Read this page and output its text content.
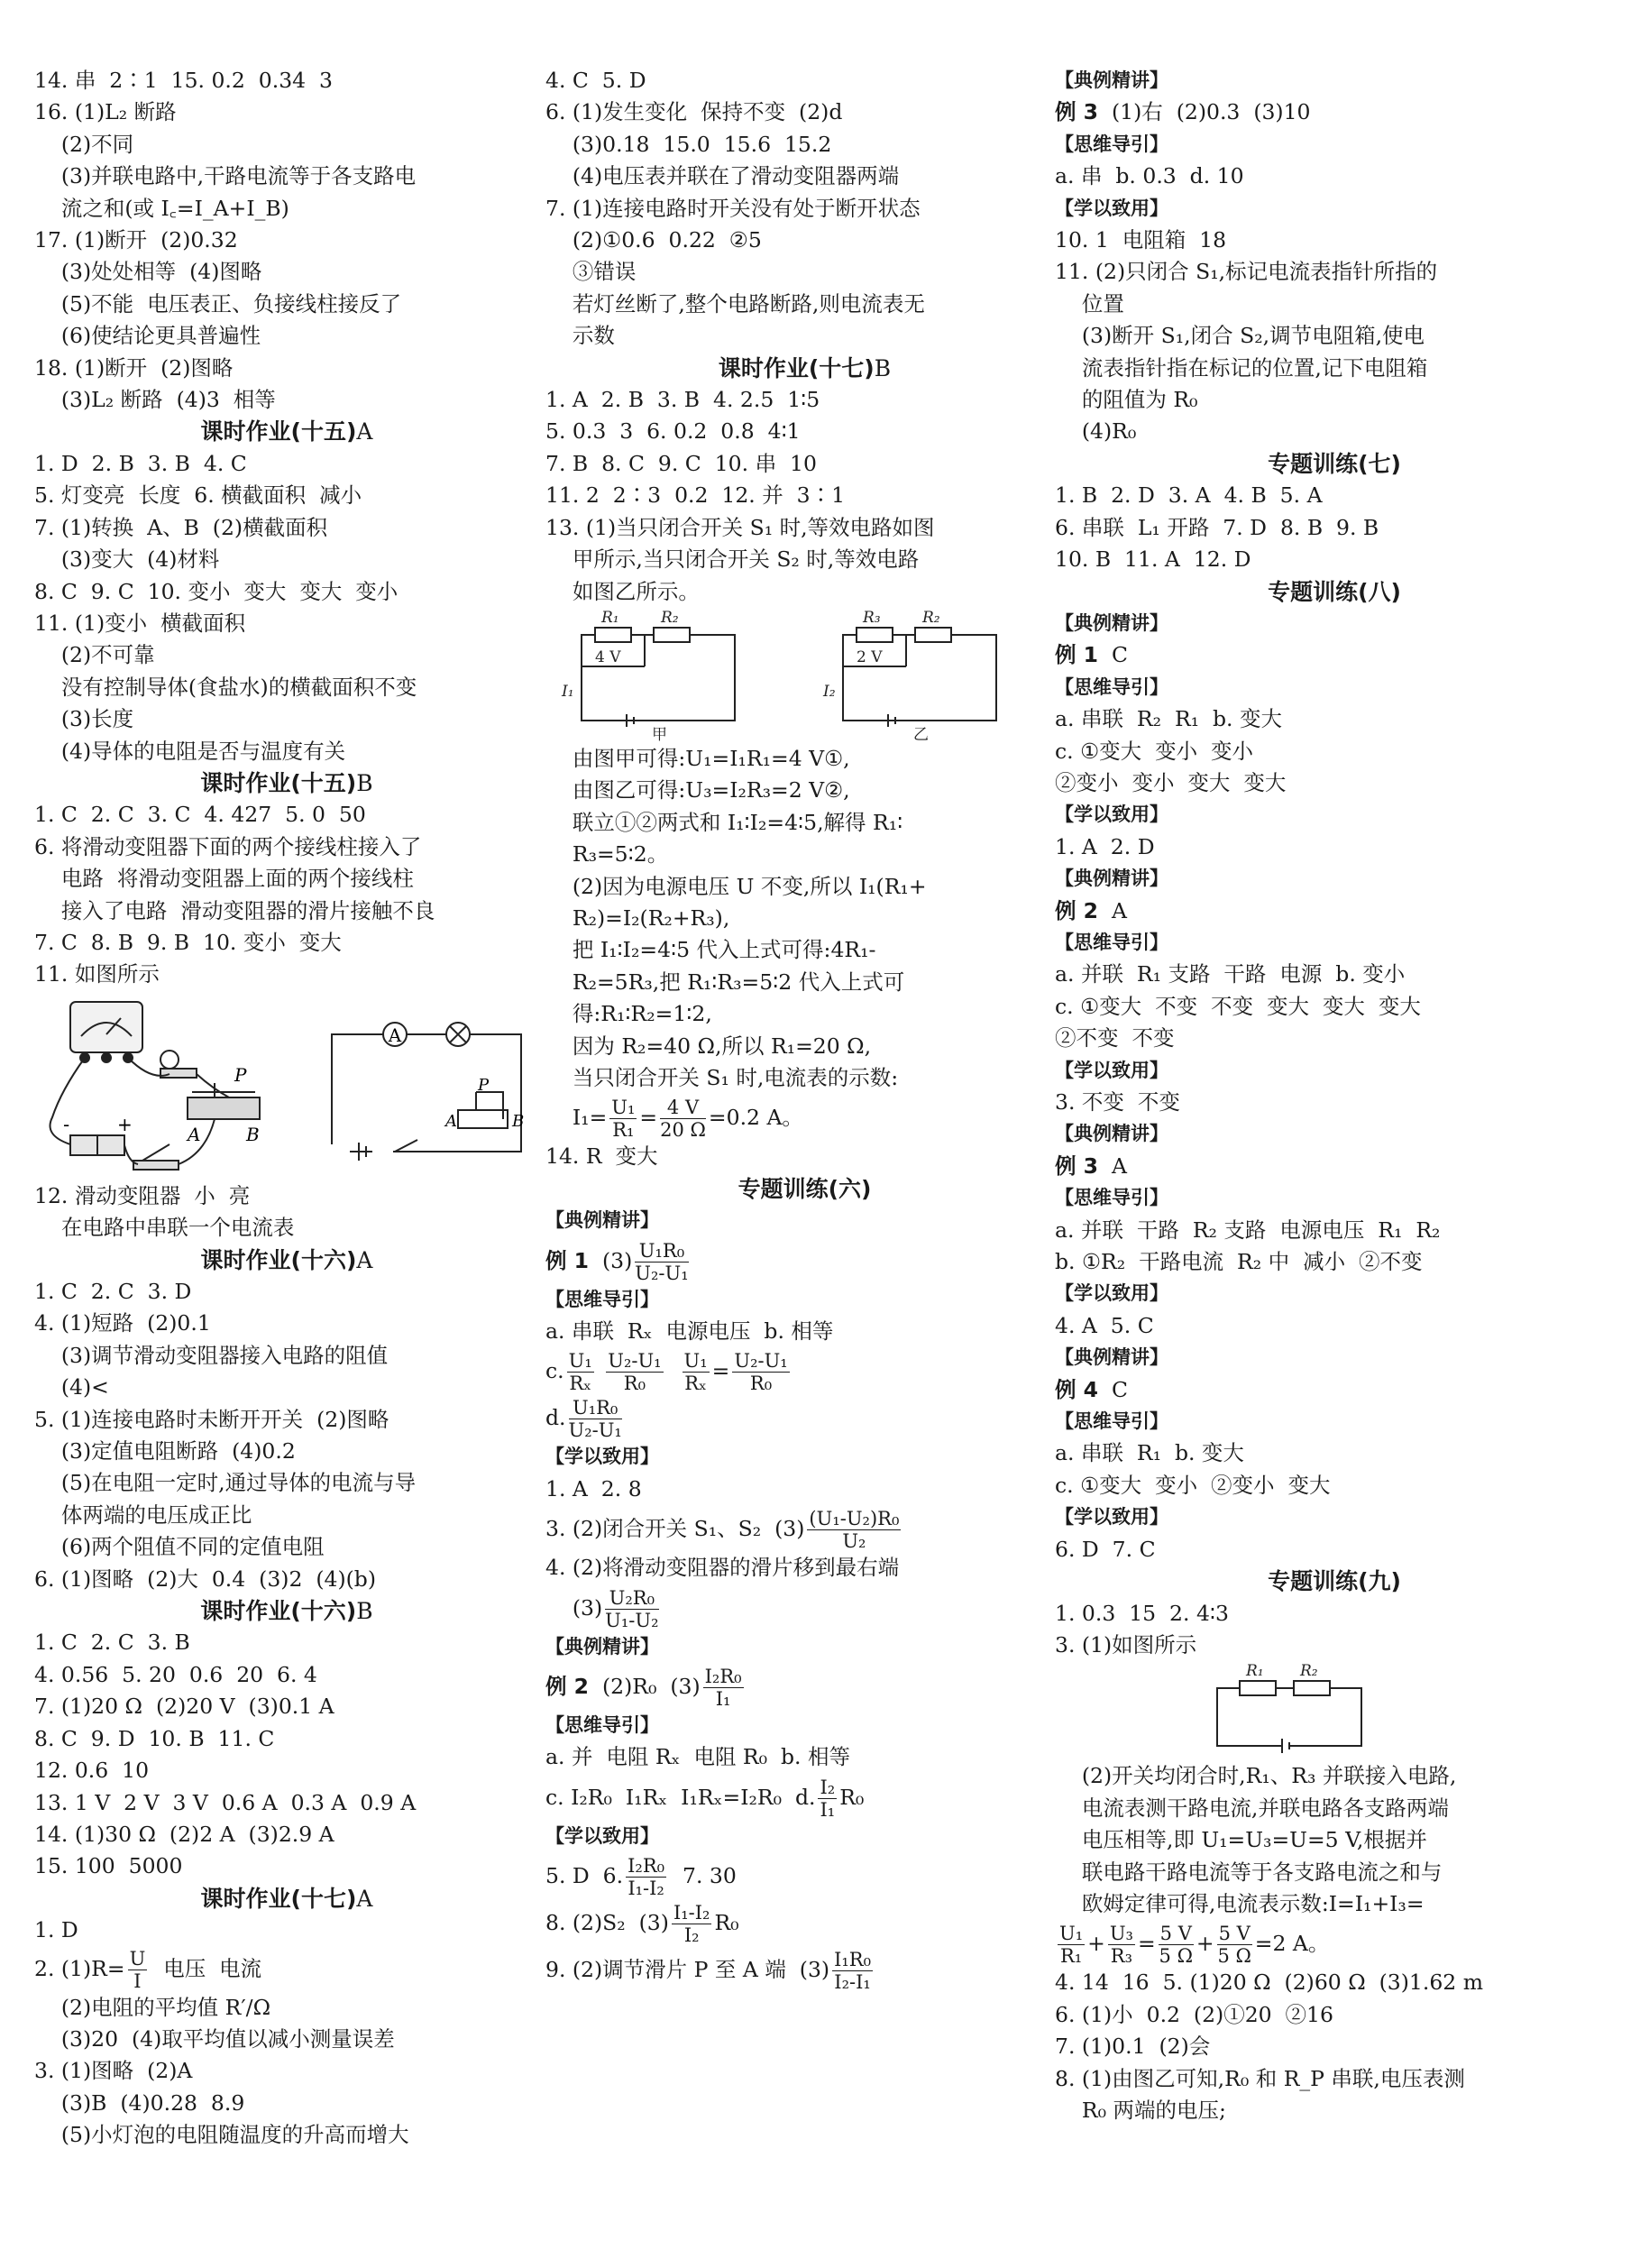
14. 串  2∶1  15. 0.2  0.34  3
16. (1)L₂ 断路
(2)不同
(3)并联电路中,干路电流等于各支路电
流之和(或 I꜀=I_A+I_B)
17. (1)断开  (2)0.32
(3)处处相等  (4)图略
(5)不能  电压表正、负接线柱接反了
(6)使结论更具普遍性
18. (1)断开  (2)图略
(3)L₂ 断路  (4)3  相等
课时作业(十五)A
1. D  2. B  3. B  4. C
5. 灯变亮  长度  6. 横截面积  减小
7. (1)转换  A、B  (2)横截面积
(3)变大  (4)材料
8. C  9. C  10. 变小  变大  变大  变小
11. (1)变小  横截面积
(2)不可靠
没有控制导体(食盐水)的横截面积不变
(3)长度
(4)导体的电阻是否与温度有关
课时作业(十五)B
1. C  2. C  3. C  4. 427  5. 0  50
6. 将滑动变阻器下面的两个接线柱接入了
电路  将滑动变阻器上面的两个接线柱
接入了电路  滑动变阻器的滑片接触不良
7. C  8. B  9. B  10. 变小  变大
11. 如图所示
A
P
A	B
+
-
P
A	B
12. 滑动变阻器  小  亮
在电路中串联一个电流表
课时作业(十六)A
1. C  2. C  3. D
4. (1)短路  (2)0.1
(3)调节滑动变阻器接入电路的阻值
(4)<
5. (1)连接电路时未断开开关  (2)图略
(3)定值电阻断路  (4)0.2
(5)在电阻一定时,通过导体的电流与导
体两端的电压成正比
(6)两个阻值不同的定值电阻
6. (1)图略  (2)大  0.4  (3)2  (4)(b)
课时作业(十六)B
1. C  2. C  3. B
4. 0.56  5. 20  0.6  20  6. 4
7. (1)20 Ω  (2)20 V  (3)0.1 A
8. C  9. D  10. B  11. C
12. 0.6  10
13. 1 V  2 V  3 V  0.6 A  0.3 A  0.9 A
14. (1)30 Ω  (2)2 A  (3)2.9 A
15. 100  5000
课时作业(十七)A
1. D
2. $(1)R= \frac{U}{I}$ 电压  电流
(2)电阻的平均值 R′/Ω
(3)20  (4)取平均值以减小测量误差
3. (1)图略  (2)A
(3)B  (4)0.28  8.9
(5)小灯泡的电阻随温度的升高而增大
4. C  5. D
6. (1)发生变化  保持不变  (2)d
(3)0.18  15.0  15.6  15.2
(4)电压表并联在了滑动变阻器两端
7. (1)连接电路时开关没有处于断开状态
(2)①0.6  0.22  ②5
③错误
若灯丝断了,整个电路断路,则电流表无
示数
课时作业(十七)B
1. A  2. B  3. B  4. 2.5  1∶5
5. 0.3  3  6. 0.2  0.8  4∶1
7. B  8. C  9. C  10. 串  10
11. 2  2∶3  0.2  12. 并  3∶1
13. (1)当只闭合开关 S₁ 时,等效电路如图
甲所示,当只闭合开关 S₂ 时,等效电路
如图乙所示。
R₁	R₂
4 V
I₁
甲
R₃	R₂
2 V
I₂
乙
由图甲可得:U₁=I₁R₁=4 V①,
由图乙可得:U₃=I₂R₃=2 V②,
联立①②两式和 I₁∶I₂=4∶5,解得 R₁∶
R₃=5∶2。
(2)因为电源电压 U 不变,所以 I₁(R₁+
R₂)=I₂(R₂+R₃),
把 I₁∶I₂=4∶5 代入上式可得:4R₁-
R₂=5R₃,把 R₁∶R₃=5∶2 代入上式可
得:R₁∶R₂=1∶2,
因为 R₂=40 Ω,所以 R₁=20 Ω,
当只闭合开关 S₁ 时,电流表的示数:
$I_1= \frac{\text{U₁}}{\text{R₁}} = \frac{4 V}{20 \Omega} =0.2$ A。
14. R  变大
专题训练(六)
【典例精讲】
例 1  $(3) \frac{\text{U₁R₀}}{\text{U₂-U₁}}$
【思维导引】
a. 串联  Rₓ  电源电压  b. 相等
c. $\frac{\text{U₁}}{\text{Rₓ}}$
$\frac{\text{U₂-U₁}}{\text{R₀}}$
$\frac{\text{U₁}}{\text{Rₓ}} = \frac{\text{U₂-U₁}}{\text{R₀}}$
d. $\frac{\text{U₁R₀}}{\text{U₂-U₁}}$
【学以致用】
1. A  2. 8
3. (2)闭合开关 S₁、S₂  $(3) \frac{\text{(U₁-U₂)R₀}}{\text{U₂}}$
4. (2)将滑动变阻器的滑片移到最右端
$(3) \frac{\text{U₂R₀}}{\text{U₁-U₂}}$
【典例精讲】
例 2  (2)R₀  $(3) \frac{\text{I₂R₀}}{\text{I₁}}$
【思维导引】
a. 并  电阻 Rₓ  电阻 R₀  b. 相等
c. I₂R₀  I₁Rₓ  I₁Rₓ=I₂R₀  d. $\frac{\text{I₂}}{\text{I₁}} R_0$
【学以致用】
5. D  6. $\frac{\text{I₂R₀}}{\text{I₁-I₂}} 7$. 30
8. (2)S₂  $(3) \frac{\text{I₁-I₂}}{\text{I₂}} R_0$
9. (2)调节滑片 P 至 A 端  $(3) \frac{\text{I₁R₀}}{\text{I₂-I₁}}$
【典例精讲】
例 3  (1)右  (2)0.3  (3)10
【思维导引】
a. 串  b. 0.3  d. 10
【学以致用】
10. 1  电阻箱  18
11. (2)只闭合 S₁,标记电流表指针所指的
位置
(3)断开 S₁,闭合 S₂,调节电阻箱,使电
流表指针指在标记的位置,记下电阻箱
的阻值为 R₀
(4)R₀
专题训练(七)
1. B  2. D  3. A  4. B  5. A
6. 串联  L₁ 开路  7. D  8. B  9. B
10. B  11. A  12. D
专题训练(八)
【典例精讲】
例 1  C
【思维导引】
a. 串联  R₂  R₁  b. 变大
c. ①变大  变小  变小
②变小  变小  变大  变大
【学以致用】
1. A  2. D
【典例精讲】
例 2  A
【思维导引】
a. 并联  R₁ 支路  干路  电源  b. 变小
c. ①变大  不变  不变  变大  变大  变大
②不变  不变
【学以致用】
3. 不变  不变
【典例精讲】
例 3  A
【思维导引】
a. 并联  干路  R₂ 支路  电源电压  R₁  R₂
b. ①R₂  干路电流  R₂ 中  减小  ②不变
【学以致用】
4. A  5. C
【典例精讲】
例 4  C
【思维导引】
a. 串联  R₁  b. 变大
c. ①变大  变小  ②变小  变大
【学以致用】
6. D  7. C
专题训练(九)
1. 0.3  15  2. 4∶3
3. (1)如图所示
R₁ R₂
(2)开关均闭合时,R₁、R₃ 并联接入电路,
电流表测干路电流,并联电路各支路两端
电压相等,即 U₁=U₃=U=5 V,根据并
联电路干路电流等于各支路电流之和与
欧姆定律可得,电流表示数:I=I₁+I₃=
$\frac{\text{U₁}}{\text{R₁}} + \frac{\text{U₃}}{\text{R₃}} = \frac{5 V}{5 \Omega} + \frac{5 V}{5 \Omega} =2$ A。
4. 14  16  5. (1)20 Ω  (2)60 Ω  (3)1.62 m
6. (1)小  0.2  (2)①20  ②16
7. (1)0.1  (2)会
8. (1)由图乙可知,R₀ 和 R_P 串联,电压表测
R₀ 两端的电压;
